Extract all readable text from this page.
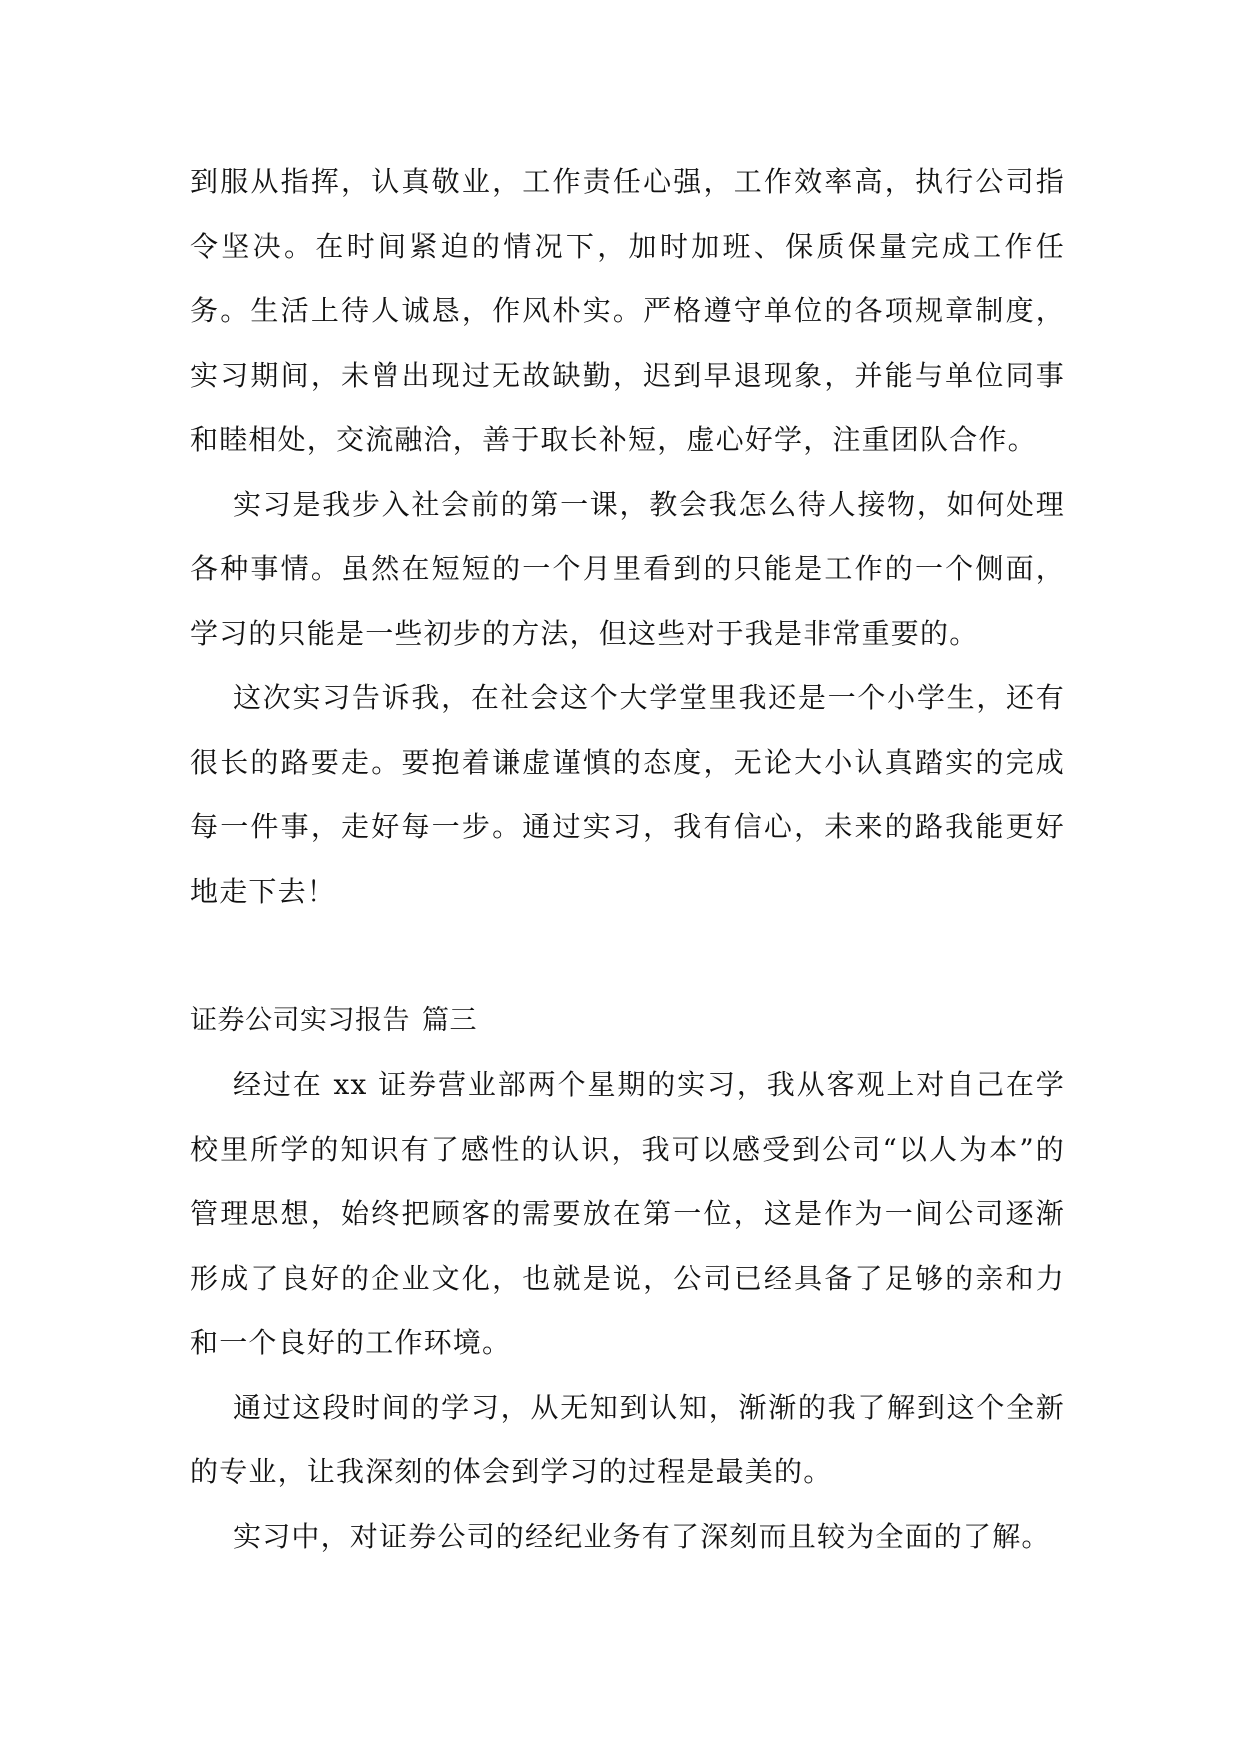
到服从指挥，认真敬业，工作责任心强，工作效率高，执行公司指令坚决。在时间紧迫的情况下，加时加班、保质保量完成工作任务。生活上待人诚恳，作风朴实。严格遵守单位的各项规章制度，实习期间，未曾出现过无故缺勤，迟到早退现象，并能与单位同事和睦相处，交流融洽，善于取长补短，虚心好学，注重团队合作。

实习是我步入社会前的第一课，教会我怎么待人接物，如何处理各种事情。虽然在短短的一个月里看到的只能是工作的一个侧面，学习的只能是一些初步的方法，但这些对于我是非常重要的。

这次实习告诉我，在社会这个大学堂里我还是一个小学生，还有很长的路要走。要抱着谦虚谨慎的态度，无论大小认真踏实的完成每一件事，走好每一步。通过实习，我有信心，未来的路我能更好地走下去！

证券公司实习报告 篇三

经过在 xx 证券营业部两个星期的实习，我从客观上对自己在学校里所学的知识有了感性的认识，我可以感受到公司“以人为本”的管理思想，始终把顾客的需要放在第一位，这是作为一间公司逐渐形成了良好的企业文化，也就是说，公司已经具备了足够的亲和力和一个良好的工作环境。

通过这段时间的学习，从无知到认知，渐渐的我了解到这个全新的专业，让我深刻的体会到学习的过程是最美的。

实习中，对证券公司的经纪业务有了深刻而且较为全面的了解。
